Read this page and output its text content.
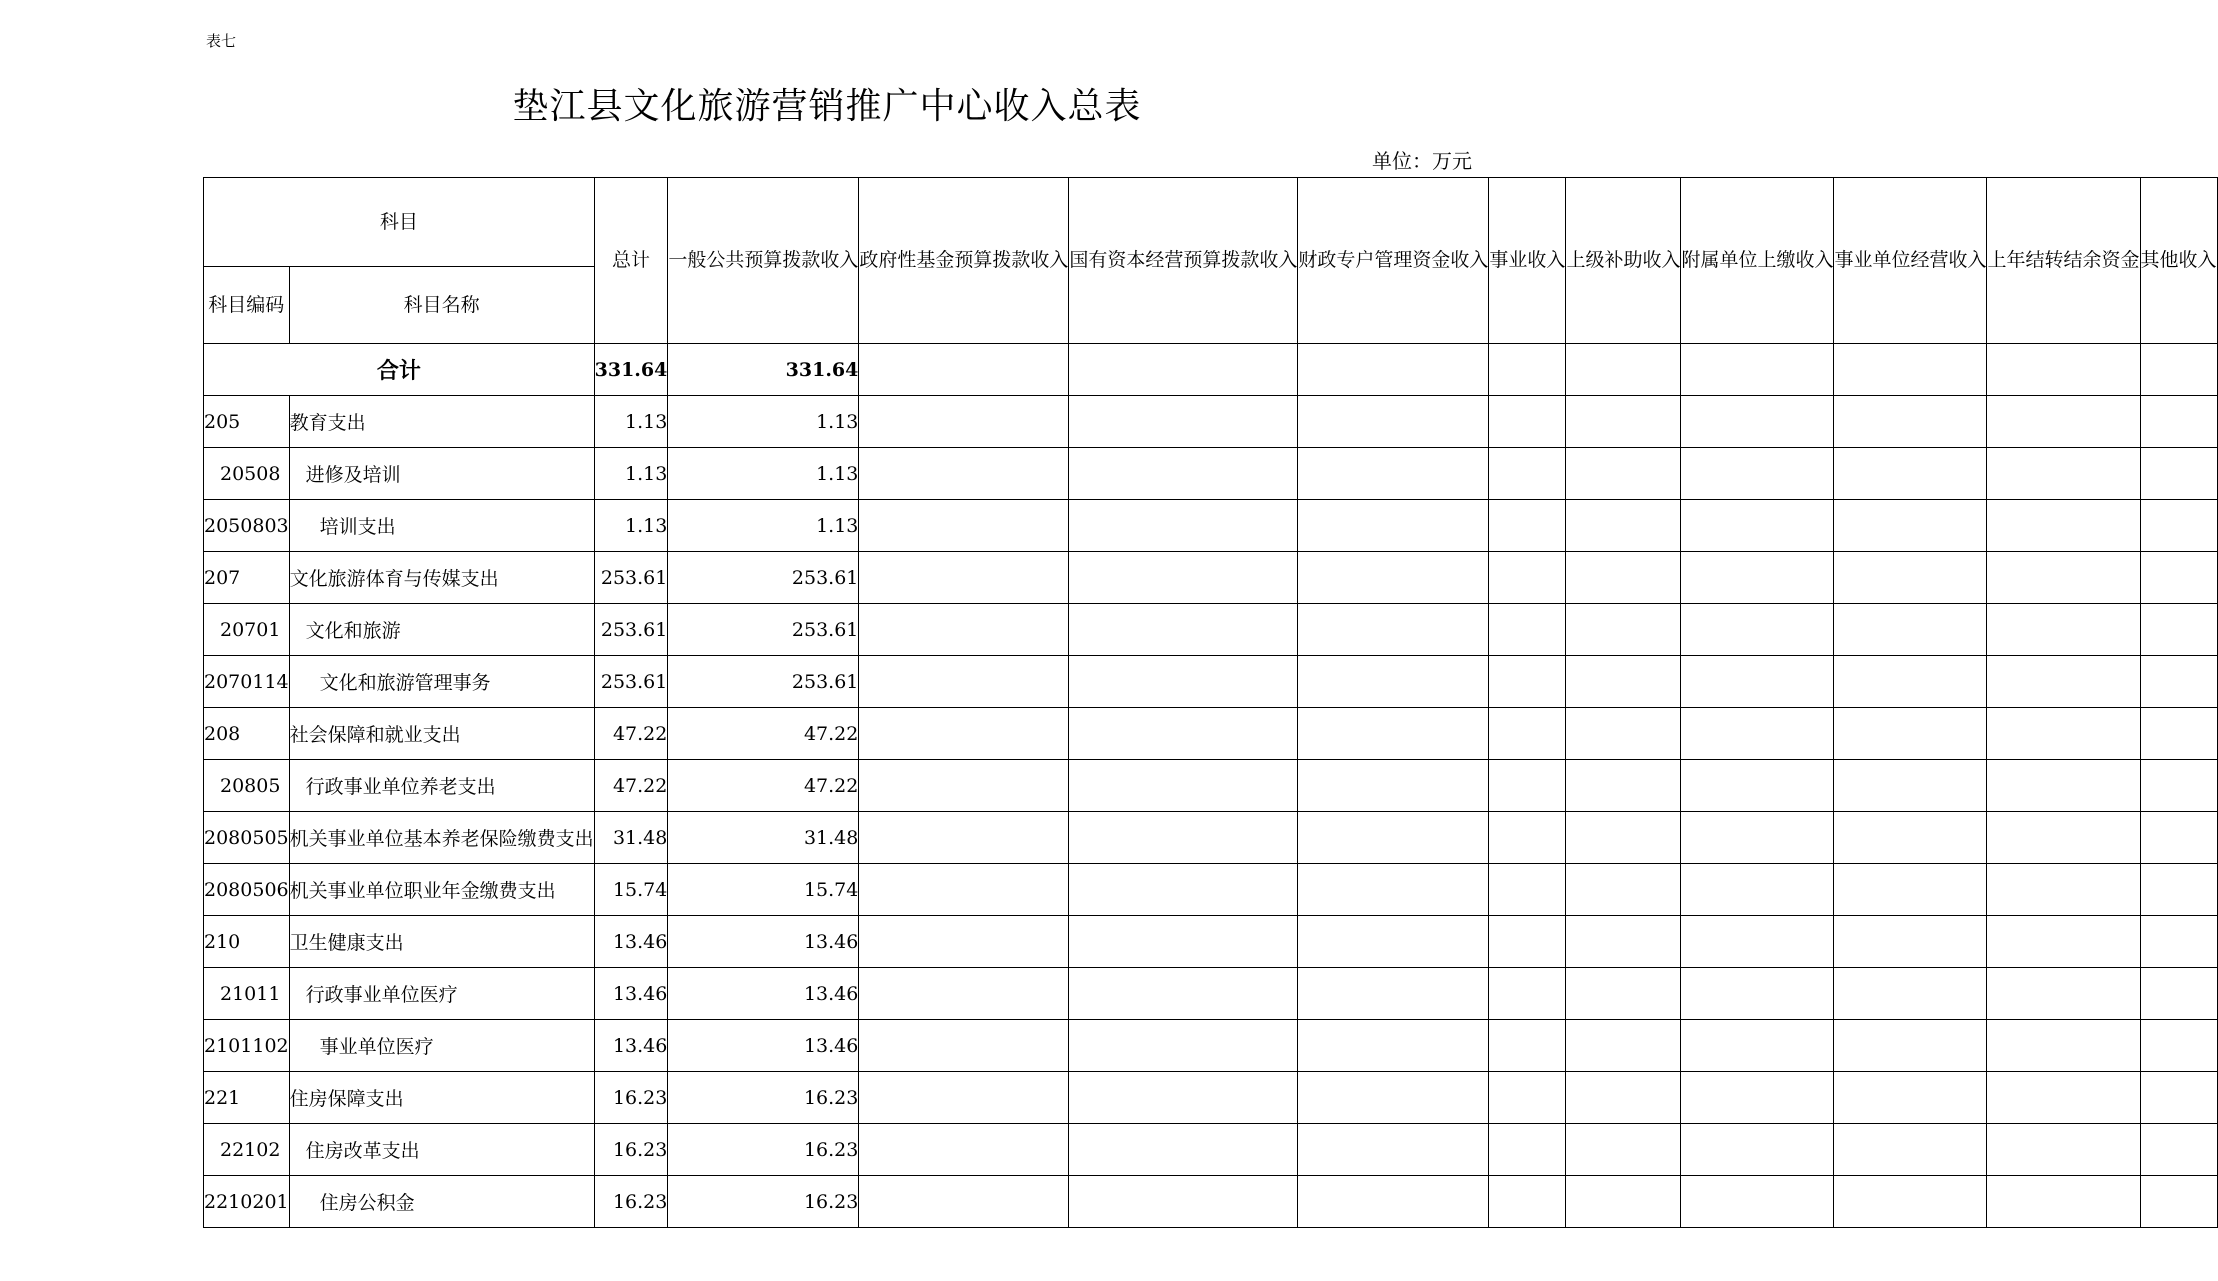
表七
垫江县文化旅游营销推广中心收入总表
单位：万元
科目		总计	一般公共预算拨款收入	政府性基金预算拨款收入	国有资本经营预算拨款收入	财政专户管理资金收入	事业收入	上级补助收入	附属单位上缴收入	事业单位经营收入	上年结转结余资金	其他收入
科目编码	科目名称											
合计		331.64	331.64									
205	教育支出	1.13	1.13									
20508	进修及培训	1.13	1.13									
2050803	培训支出	1.13	1.13									
207	文化旅游体育与传媒支出	253.61	253.61									
20701	文化和旅游	253.61	253.61									
2070114	文化和旅游管理事务	253.61	253.61									
208	社会保障和就业支出	47.22	47.22									
20805	行政事业单位养老支出	47.22	47.22									
2080505	机关事业单位基本养老保险缴费支出	31.48	31.48									
2080506	机关事业单位职业年金缴费支出	15.74	15.74									
210	卫生健康支出	13.46	13.46									
21011	行政事业单位医疗	13.46	13.46									
2101102	事业单位医疗	13.46	13.46									
221	住房保障支出	16.23	16.23									
22102	住房改革支出	16.23	16.23									
2210201	住房公积金	16.23	16.23									
